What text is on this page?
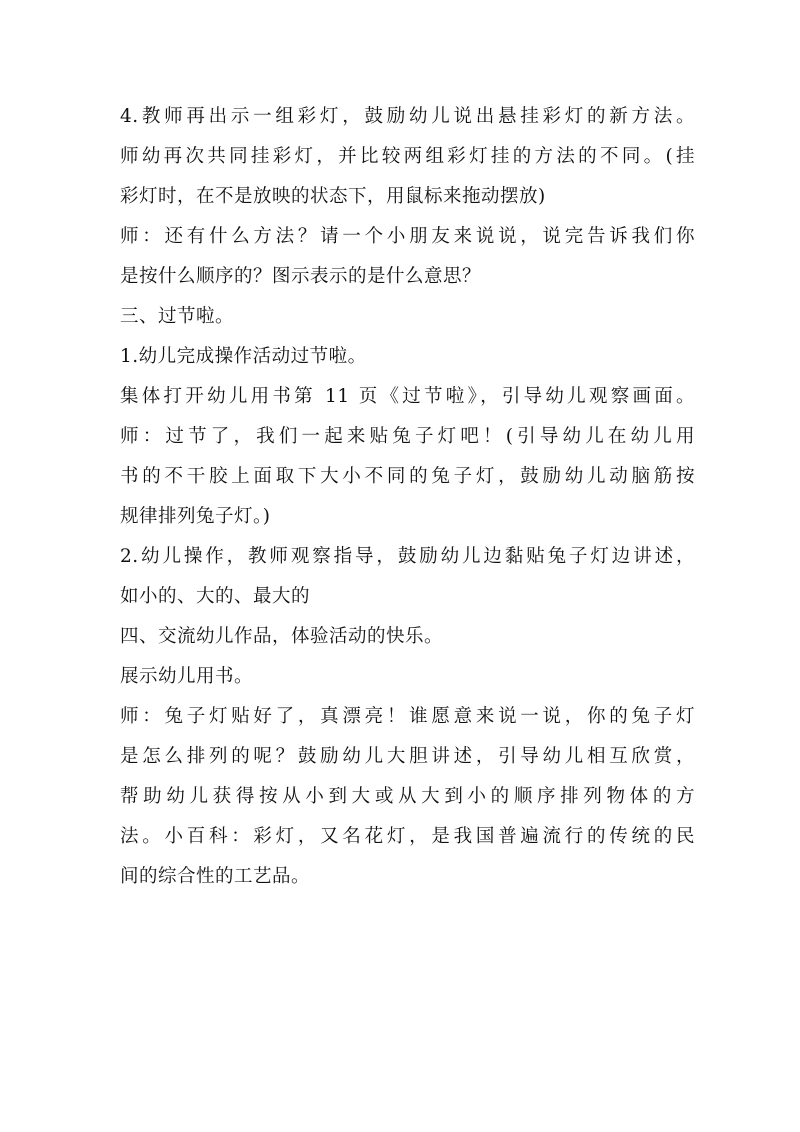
4.教师再出示一组彩灯，鼓励幼儿说出悬挂彩灯的新方法。
师幼再次共同挂彩灯，并比较两组彩灯挂的方法的不同。(挂
彩灯时，在不是放映的状态下，用鼠标来拖动摆放)
师：还有什么方法？请一个小朋友来说说，说完告诉我们你
是按什么顺序的？图示表示的是什么意思？
三、过节啦。
1.幼儿完成操作活动过节啦。
集体打开幼儿用书第 11 页《过节啦》，引导幼儿观察画面。
师：过节了，我们一起来贴兔子灯吧！(引导幼儿在幼儿用
书的不干胶上面取下大小不同的兔子灯，鼓励幼儿动脑筋按
规律排列兔子灯。)
2.幼儿操作，教师观察指导，鼓励幼儿边黏贴兔子灯边讲述，
如小的、大的、最大的
四、交流幼儿作品，体验活动的快乐。
展示幼儿用书。
师：兔子灯贴好了，真漂亮！谁愿意来说一说，你的兔子灯
是怎么排列的呢？鼓励幼儿大胆讲述，引导幼儿相互欣赏，
帮助幼儿获得按从小到大或从大到小的顺序排列物体的方
法。小百科：彩灯，又名花灯，是我国普遍流行的传统的民
间的综合性的工艺品。
